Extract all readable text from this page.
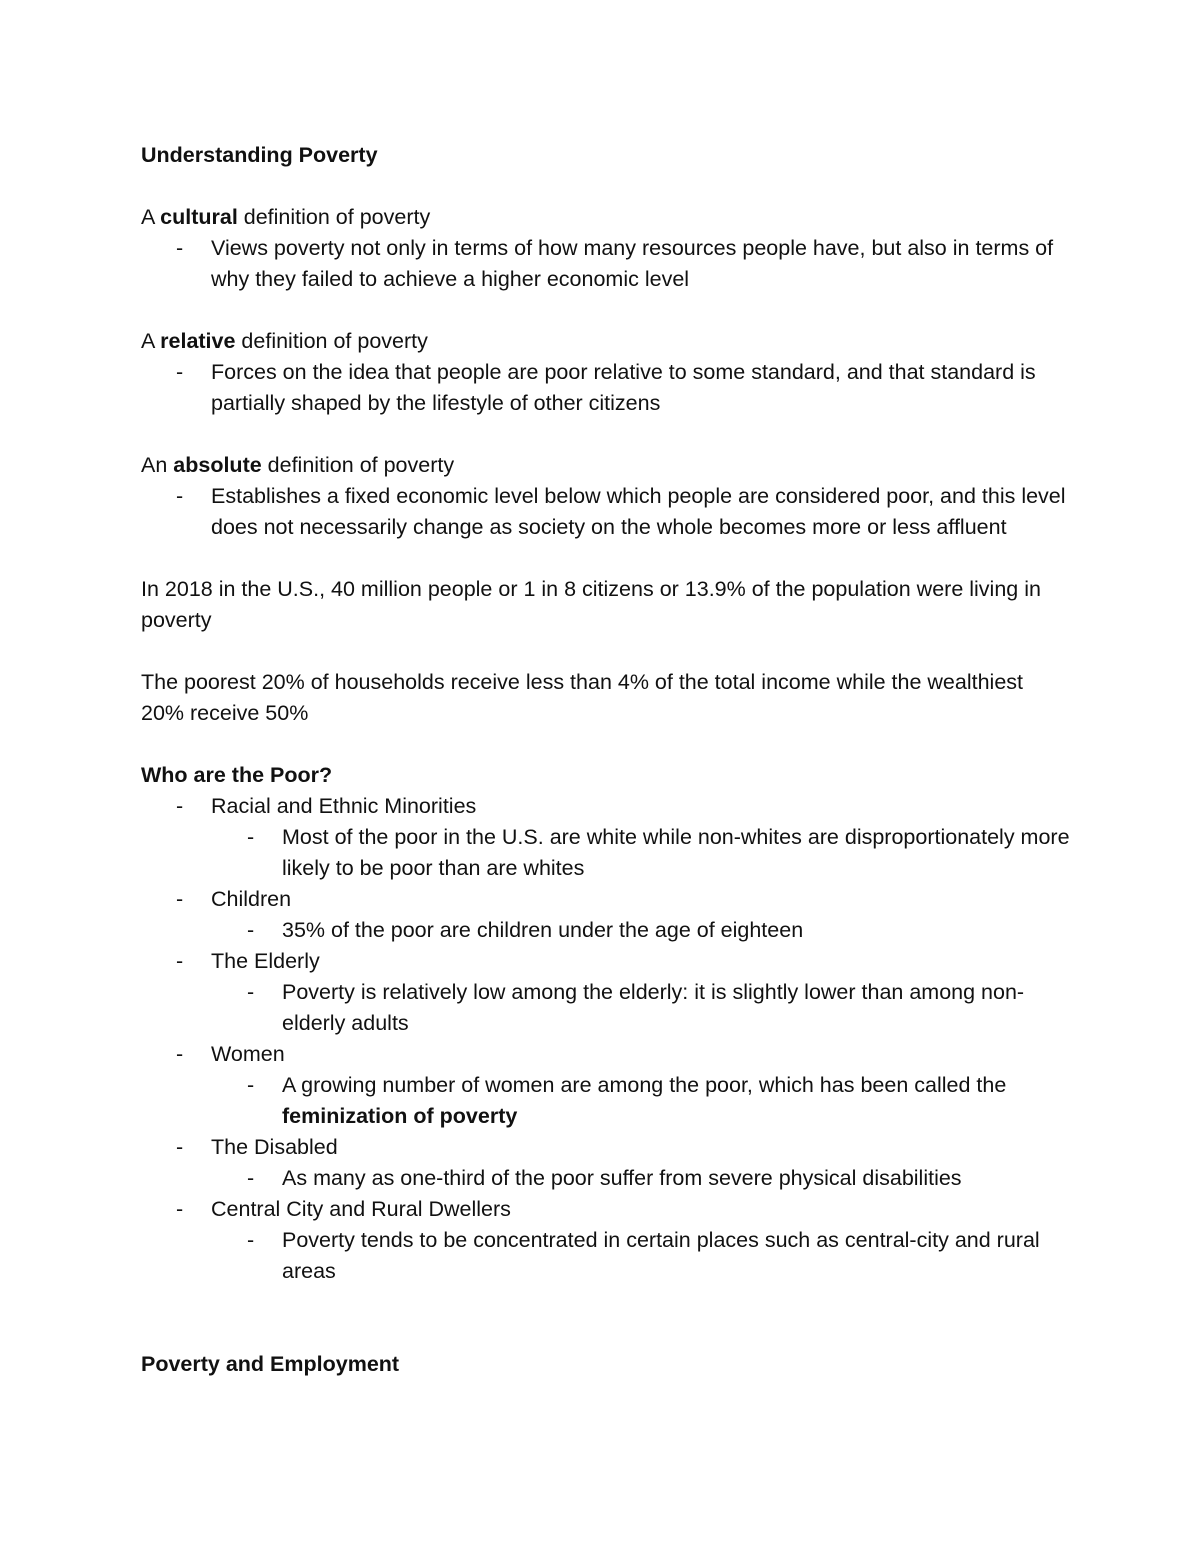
Understanding Poverty

A cultural definition of poverty

- Views poverty not only in terms of how many resources people have, but also in terms of why they failed to achieve a higher economic level

A relative definition of poverty

- Forces on the idea that people are poor relative to some standard, and that standard is partially shaped by the lifestyle of other citizens

An absolute definition of poverty

- Establishes a fixed economic level below which people are considered poor, and this level does not necessarily change as society on the whole becomes more or less affluent

In 2018 in the U.S., 40 million people or 1 in 8 citizens or 13.9% of the population were living in poverty

The poorest 20% of households receive less than 4% of the total income while the wealthiest 20% receive 50%

Who are the Poor?

- Racial and Ethnic Minorities
- Most of the poor in the U.S. are white while non-whites are disproportionately more likely to be poor than are whites
- Children
- 35% of the poor are children under the age of eighteen
- The Elderly
- Poverty is relatively low among the elderly: it is slightly lower than among non-elderly adults
- Women
- A growing number of women are among the poor, which has been called the feminization of poverty
- The Disabled
- As many as one-third of the poor suffer from severe physical disabilities
- Central City and Rural Dwellers
- Poverty tends to be concentrated in certain places such as central-city and rural areas

Poverty and Employment
